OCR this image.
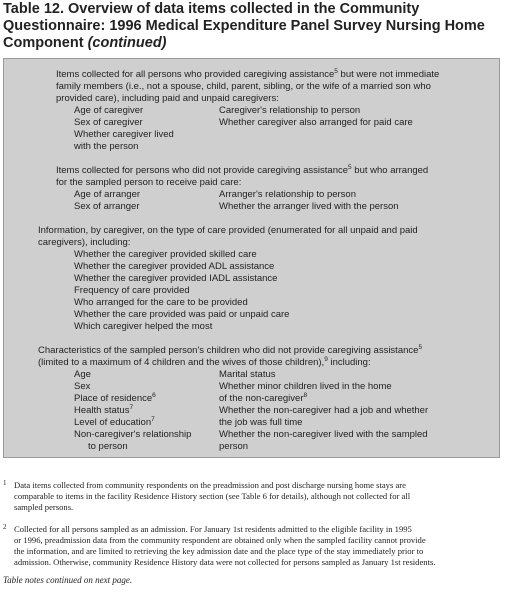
Table 12. Overview of data items collected in the Community
Questionnaire: 1996 Medical Expenditure Panel Survey Nursing Home
Component (continued)
Items collected for all persons who provided caregiving assistance$^5$ but were not immediate
family members (i.e., not a spouse, child, parent, sibling, or the wife of a married son who
provided care), including paid and unpaid caregivers:
Age of caregiver
Sex of caregiver
Whether caregiver lived
with the person
Caregiver's relationship to person
Whether caregiver also arranged for paid care
Items collected for persons who did not provide caregiving assistance$^5$ but who arranged
for the sampled person to receive paid care:
Age of arranger
Sex of arranger
Arranger's relationship to person
Whether the arranger lived with the person
Information, by caregiver, on the type of care provided (enumerated for all unpaid and paid
caregivers), including:
Whether the caregiver provided skilled care
Whether the caregiver provided ADL assistance
Whether the caregiver provided IADL assistance
Frequency of care provided
Who arranged for the care to be provided
Whether the care provided was paid or unpaid care
Which caregiver helped the most
Characteristics of the sampled person's children who did not provide caregiving assistance$^5$
(limited to a maximum of 4 children and the wives of those children),$^9$ including:
Age
Sex
Place of residence$^6$
Health status$^7$
Level of education$^7$
Non-caregiver's relationship
to person
Marital status
Whether minor children lived in the home
of the non-caregiver$^8$
Whether the non-caregiver had a job and whether
the job was full time
Whether the non-caregiver lived with the sampled
person
1 Data items collected from community respondents on the preadmission and post discharge nursing home stays are
comparable to items in the facility Residence History section (see Table 6 for details), although not collected for all
sampled persons.
2 Collected for all persons sampled as an admission. For January 1st residents admitted to the eligible facility in 1995
or 1996, preadmission data from the community respondent are obtained only when the sampled facility cannot provide
the information, and are limited to retrieving the key admission date and the place type of the stay immediately prior to
admission. Otherwise, community Residence History data were not collected for persons sampled as January 1st residents.
Table notes continued on next page.
